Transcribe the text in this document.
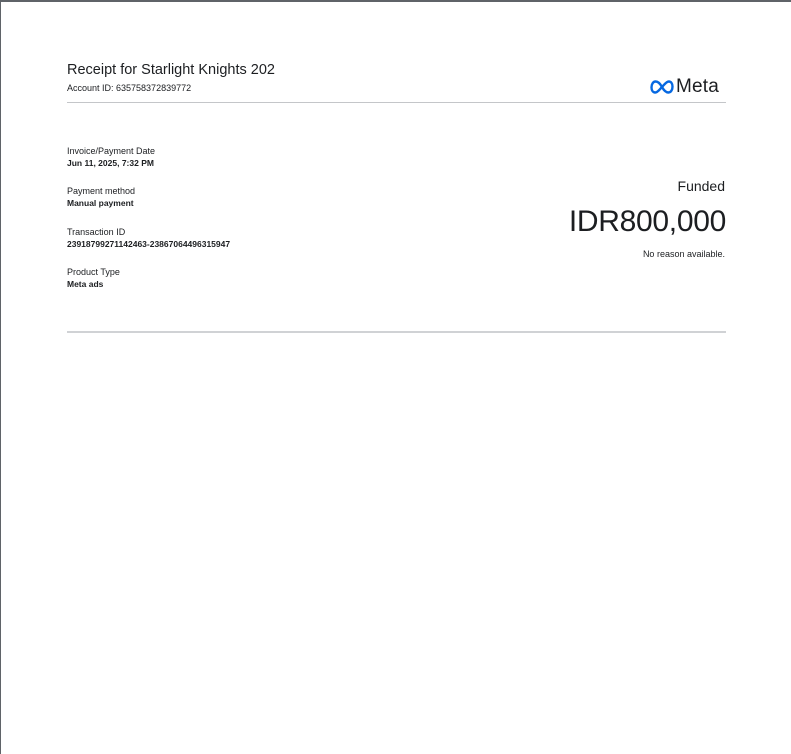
Receipt for Starlight Knights 202
Account ID: 635758372839772	Meta
Invoice/Payment Date
Jun 11, 2025, 7:32 PM
Payment method
Manual payment
Transaction ID
23918799271142463-23867064496315947
Product Type
Meta ads
Funded
IDR800,000
No reason available.
